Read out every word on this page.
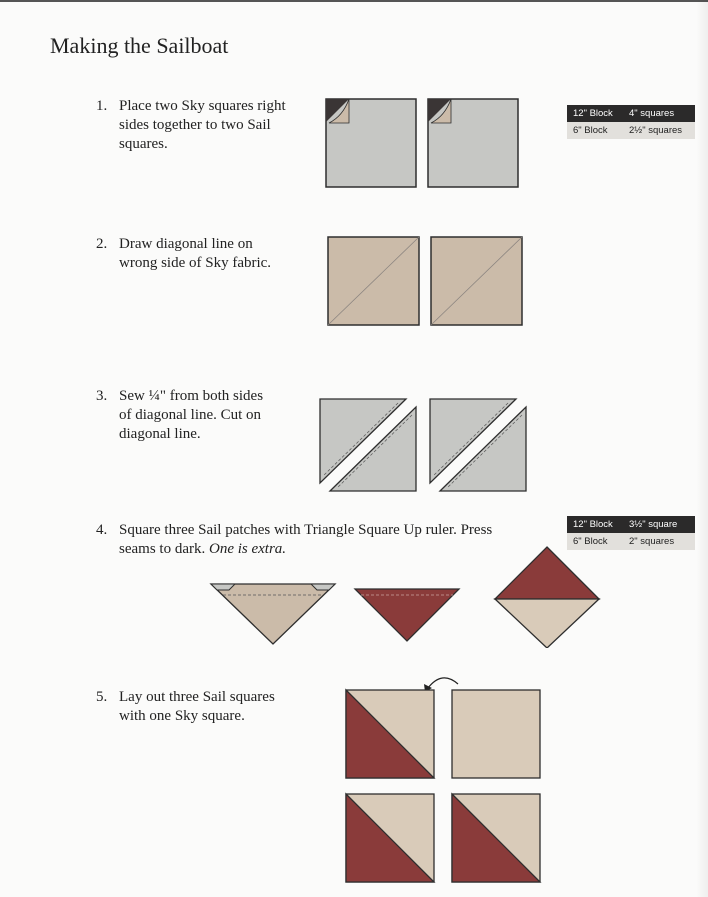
Making the Sailboat
1. Place two Sky squares right
sides together to two Sail
squares.
2. Draw diagonal line on
wrong side of Sky fabric.
3. Sew ¼" from both sides
of diagonal line. Cut on
diagonal line.
4. Square three Sail patches with Triangle Square Up ruler. Press
seams to dark. One is extra.
5. Lay out three Sail squares
with one Sky square.
12" Block	4" squares
6" Block	2½" squares
12" Block	3½" square
6" Block	2" squares
